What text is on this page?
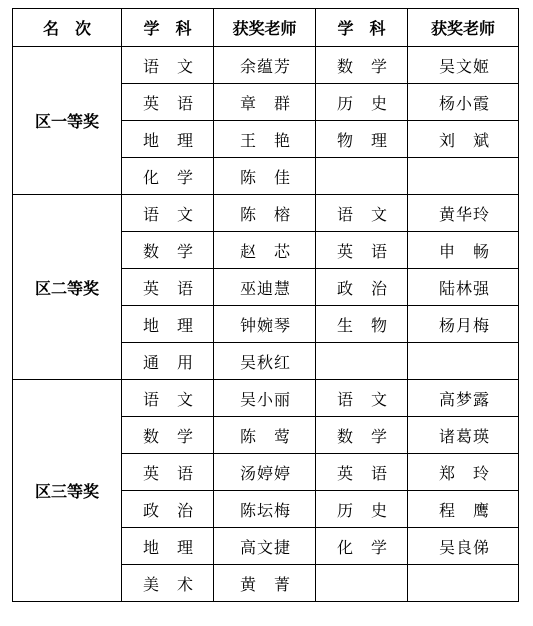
名　次	学　科	获奖老师	学　科	获奖老师
区一等奖	语　文	余蕴芳	数　学	吴文姬
	英　语	章　群	历　史	杨小霞
	地　理	王　艳	物　理	刘　斌
	化　学	陈　佳		
区二等奖	语　文	陈　榕	语　文	黄华玲
	数　学	赵　芯	英　语	申　畅
	英　语	巫迪慧	政　治	陆林强
	地　理	钟婉琴	生　物	杨月梅
	通　用	吴秋红		
区三等奖	语　文	吴小丽	语　文	高梦露
	数　学	陈　莺	数　学	诸葛瑛
	英　语	汤婷婷	英　语	郑　玲
	政　治	陈坛梅	历　史	程　鹰
	地　理	高文捷	化　学	吴良俤
	美　术	黄　菁		
